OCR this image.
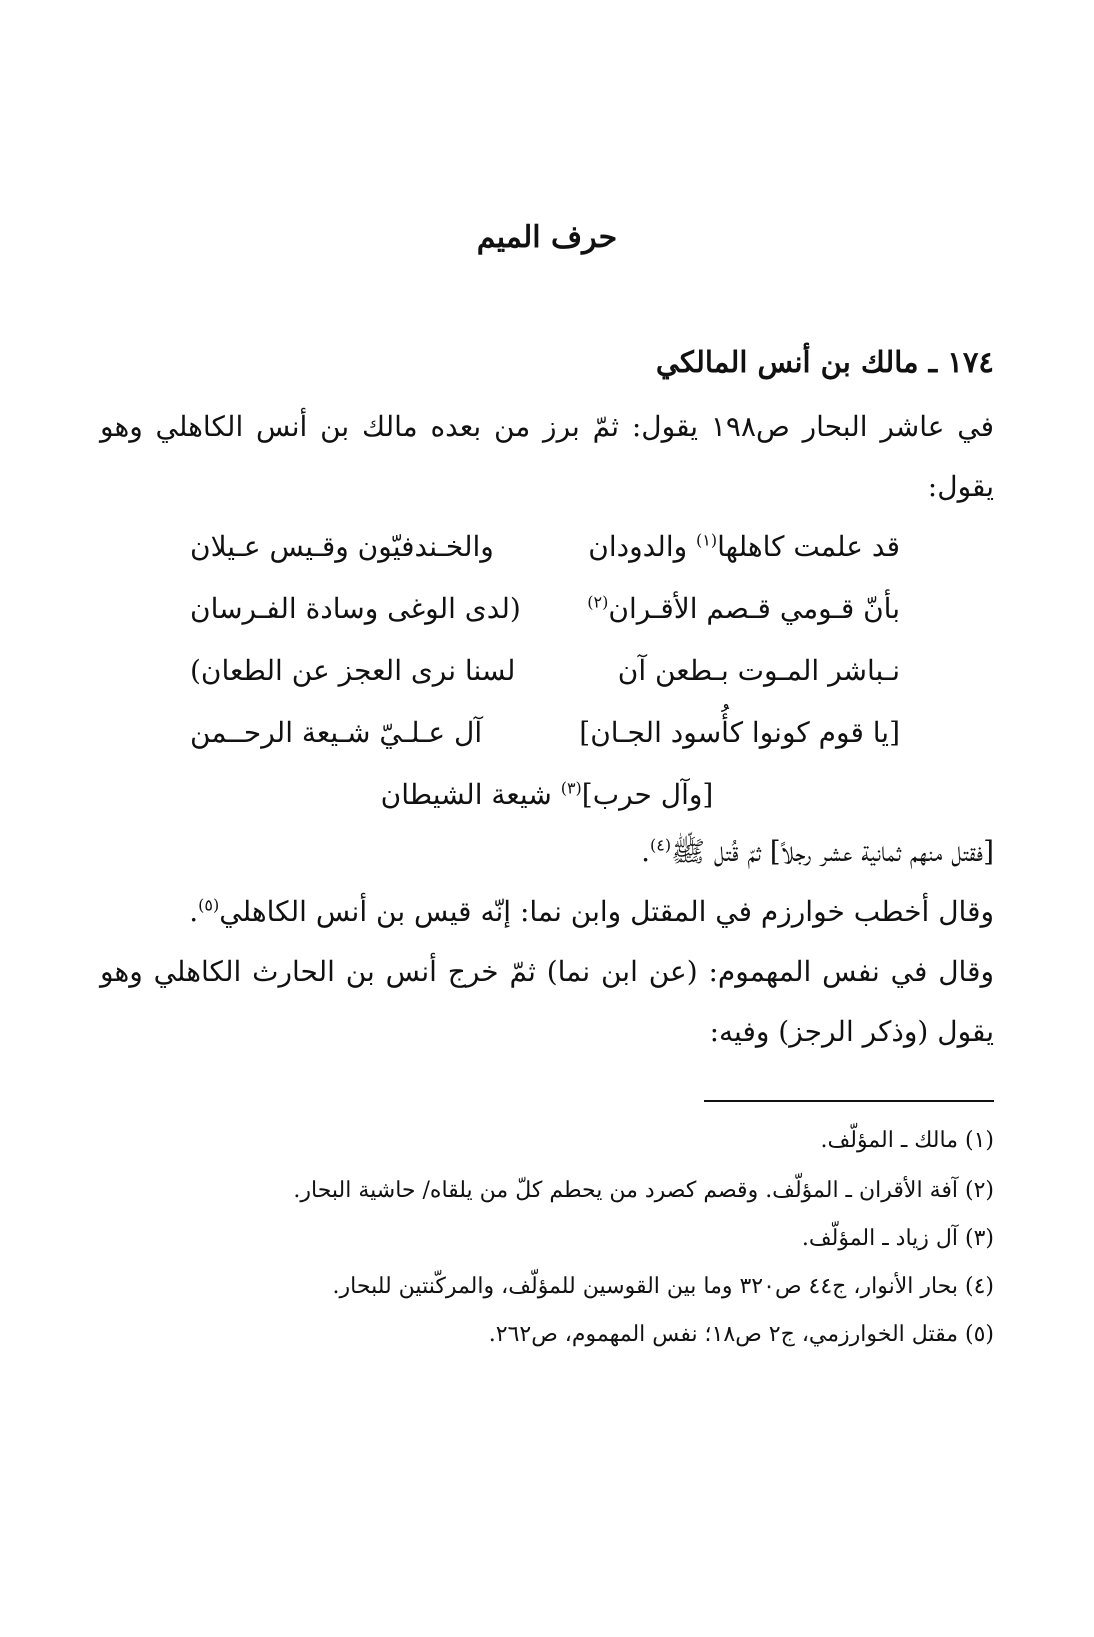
حرف الميم
١٧٤ ـ مالك بن أنس المالكي
في عاشر البحار ص١٩٨ يقول: ثمّ برز من بعده مالك بن أنس الكاهلي وهو
يقول:
قد علمت كاهلها$^{(١)}$ والدودان
والخـندفيّون وقـيس عـيلان
بأنّ قـومي قـصم الأقـران$^{(٢)}$
(لدى الوغى وسادة الفـرسان
نـباشر المـوت بـطعن آن
لسنا نرى العجز عن الطعان)
[يا قوم كونوا كأُسود الجـان]
آل عـلـيّ شـيعة الرحــمن
[وآل حرب]$^{(٣)}$ شيعة الشيطان
[فقتل منهم ثمانية عشر رجلاً] ثمّ قُتل ﷺ$^{(٤)}$.
وقال أخطب خوارزم في المقتل وابن نما: إنّه قيس بن أنس الكاهلي$^{(٥)}$.
وقال في نفس المهموم: (عن ابن نما) ثمّ خرج أنس بن الحارث الكاهلي وهو
يقول (وذكر الرجز) وفيه:
(١) مالك ـ المؤلّف.
(٢) آفة الأقران ـ المؤلّف. وقصم كصرد من يحطم كلّ من يلقاه/ حاشية البحار.
(٣) آل زياد ـ المؤلّف.
(٤) بحار الأنوار، ج٤٤ ص٣٢٠ وما بين القوسين للمؤلّف، والمركّنتين للبحار.
(٥) مقتل الخوارزمي، ج٢ ص١٨؛ نفس المهموم، ص٢٦٢.
